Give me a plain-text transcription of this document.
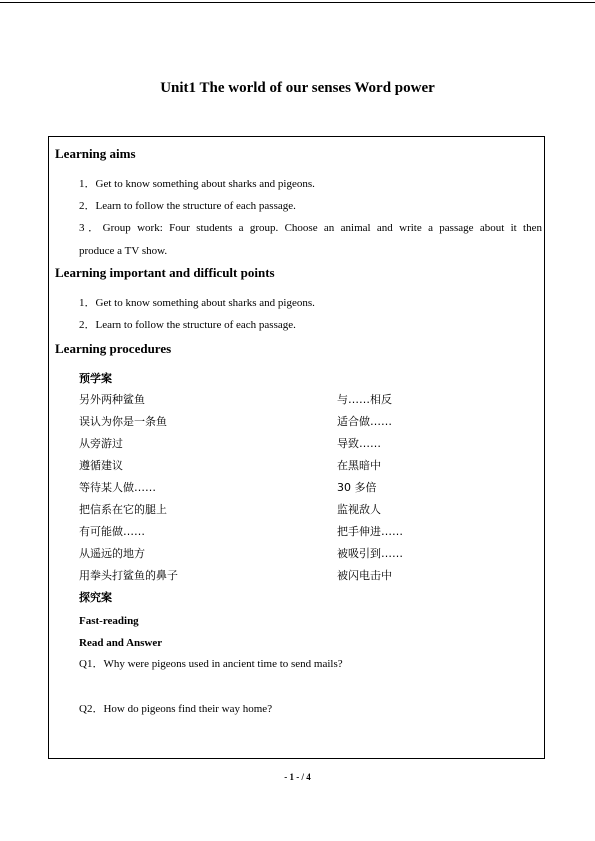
Unit1 The world of our senses Word power
Learning aims
1．Get to know something about sharks and pigeons.
2．Learn to follow the structure of each passage.
3．Group work: Four students a group. Choose an animal and write a passage about it then
produce a TV show.
Learning important and difficult points
1．Get to know something about sharks and pigeons.
2．Learn to follow the structure of each passage.
Learning procedures
预学案
另外两种鲨鱼	与……相反
误认为你是一条鱼	适合做……
从旁游过	导致……
遵循建议	在黑暗中
等待某人做……	30 多倍
把信系在它的腿上	监视敌人
有可能做……	把手伸进……
从遥远的地方	被吸引到……
用拳头打鲨鱼的鼻子	被闪电击中
探究案
Fast-reading
Read and Answer
Q1．Why were pigeons used in ancient time to send mails?
Q2．How do pigeons find their way home?
- 1 - / 4
